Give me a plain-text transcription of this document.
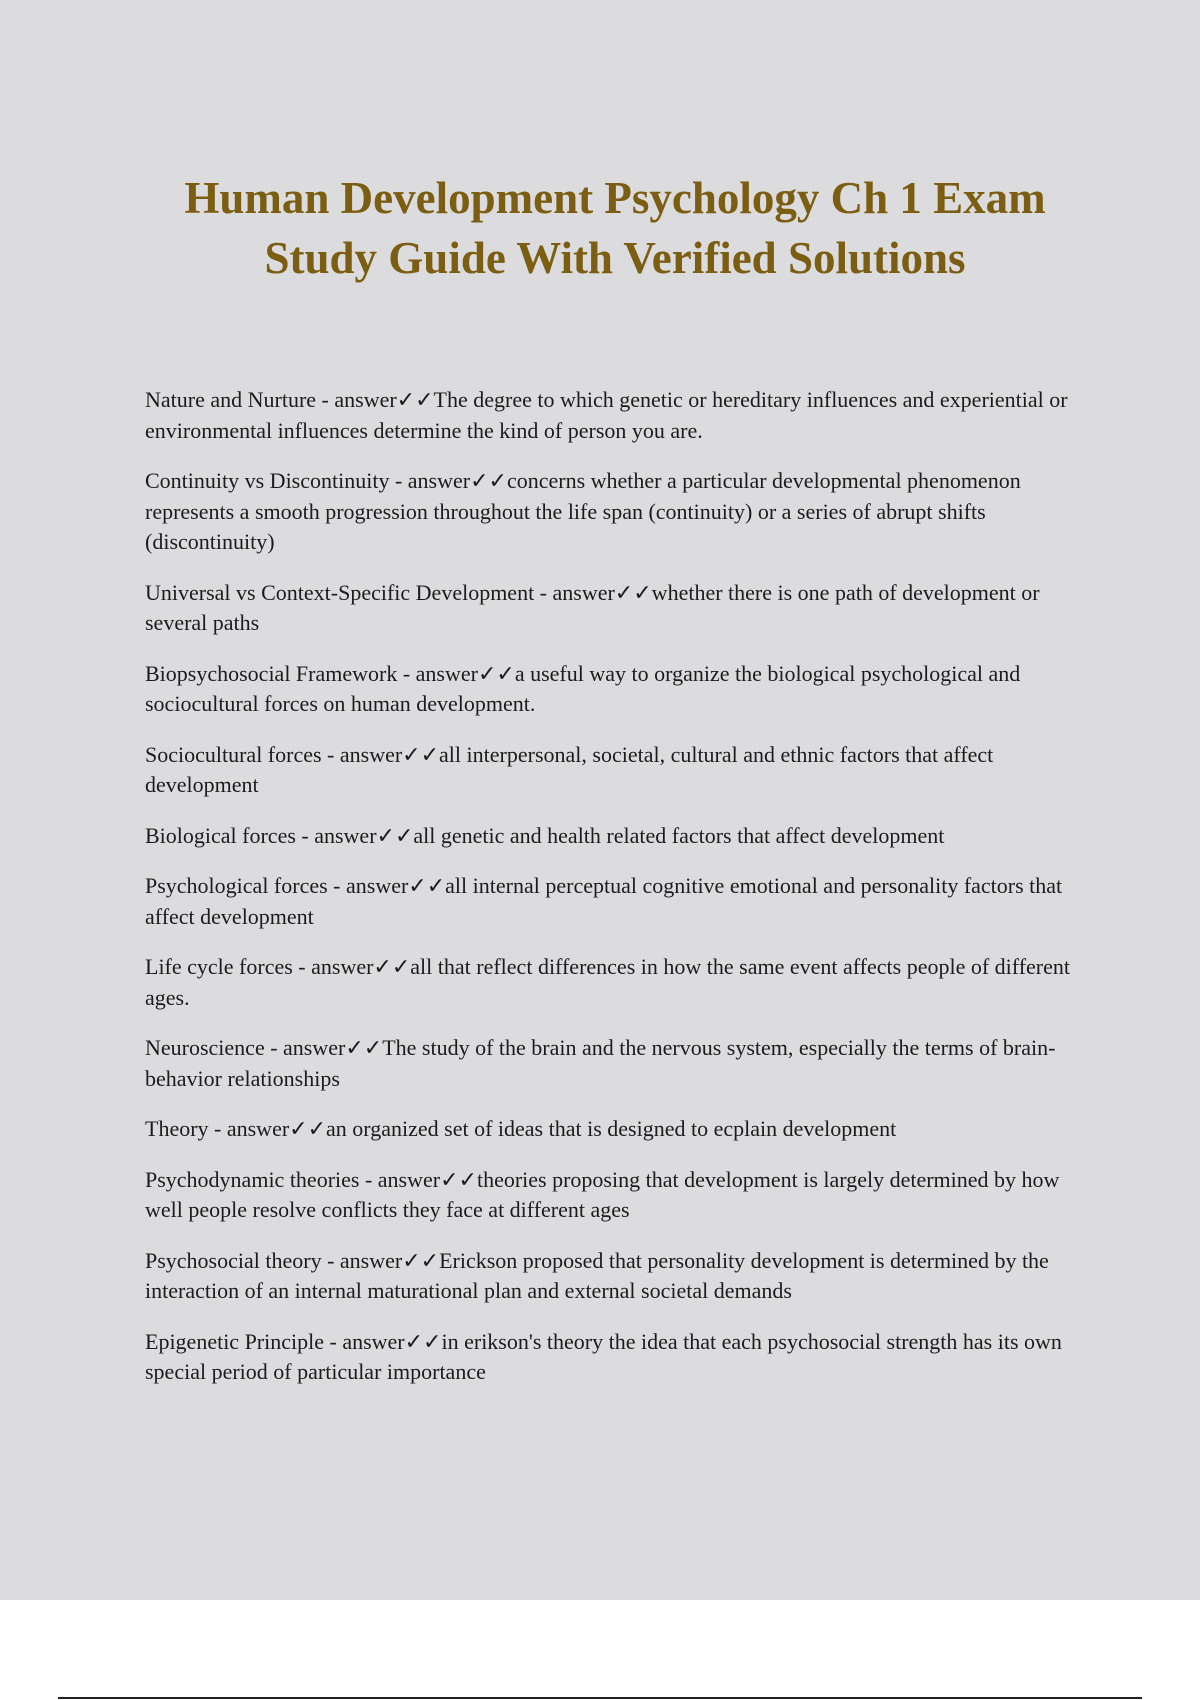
Human Development Psychology Ch 1 Exam
Study Guide With Verified Solutions
Nature and Nurture - answer✓✓The degree to which genetic or hereditary influences and experiential or environmental influences determine the kind of person you are.
Continuity vs Discontinuity - answer✓✓concerns whether a particular developmental phenomenon represents a smooth progression throughout the life span (continuity) or a series of abrupt shifts (discontinuity)
Universal vs Context-Specific Development - answer✓✓whether there is one path of development or several paths
Biopsychosocial Framework - answer✓✓a useful way to organize the biological psychological and sociocultural forces on human development.
Sociocultural forces - answer✓✓all interpersonal, societal, cultural and ethnic factors that affect development
Biological forces - answer✓✓all genetic and health related factors that affect development
Psychological forces - answer✓✓all internal perceptual cognitive emotional and personality factors that affect development
Life cycle forces - answer✓✓all that reflect differences in how the same event affects people of different ages.
Neuroscience - answer✓✓The study of the brain and the nervous system, especially the terms of brain-behavior relationships
Theory - answer✓✓an organized set of ideas that is designed to ecplain development
Psychodynamic theories - answer✓✓theories proposing that development is largely determined by how well people resolve conflicts they face at different ages
Psychosocial theory - answer✓✓Erickson proposed that personality development is determined by the interaction of an internal maturational plan and external societal demands
Epigenetic Principle - answer✓✓in erikson's theory the idea that each psychosocial strength has its own special period of particular importance
